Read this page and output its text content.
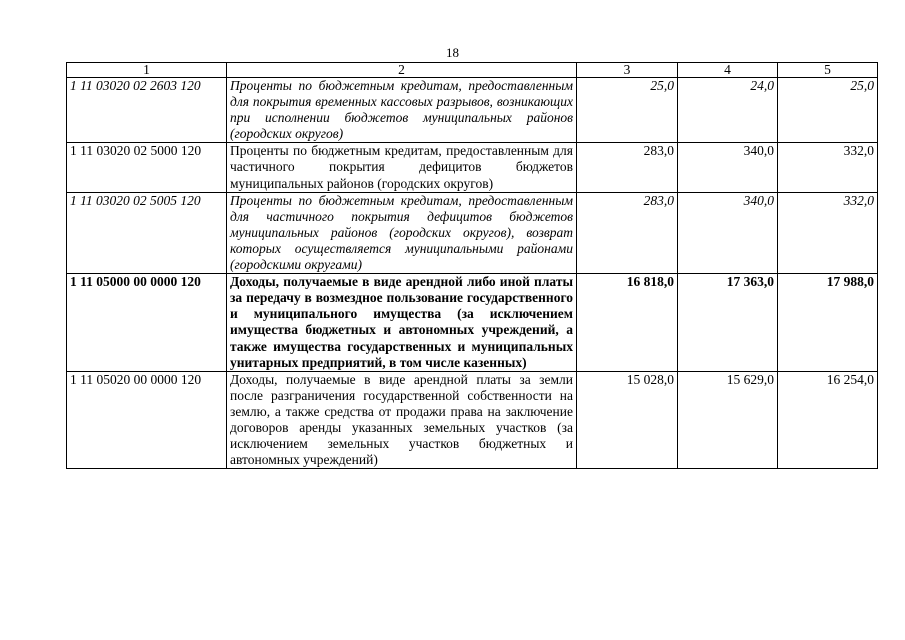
18
1	2	3	4	5
1 11 03020 02 2603 120	Проценты по бюджетным кредитам, предоставленным для покрытия временных кассовых разрывов, возникающих при исполнении бюджетов муниципальных районов (городских округов)	25,0	24,0	25,0
1 11 03020 02 5000 120	Проценты по бюджетным кредитам, предоставленным для частичного покрытия дефицитов бюджетов муниципальных районов (городских округов)	283,0	340,0	332,0
1 11 03020 02 5005 120	Проценты по бюджетным кредитам, предоставленным для частичного покрытия дефицитов бюджетов муниципальных районов (городских округов), возврат которых осуществляется муниципальными районами (городскими округами)	283,0	340,0	332,0
1 11 05000 00 0000 120	Доходы, получаемые в виде арендной либо иной платы за передачу в возмездное пользование государственного и муниципального имущества (за исключением имущества бюджетных и автономных учреждений, а также имущества государственных и муниципальных унитарных предприятий, в том числе казенных)	16 818,0	17 363,0	17 988,0
1 11 05020 00 0000 120	Доходы, получаемые в виде арендной платы за земли после разграничения государственной собственности на землю, а также средства от продажи права на заключение договоров аренды указанных земельных участков (за исключением земельных участков бюджетных и автономных учреждений)	15 028,0	15 629,0	16 254,0
